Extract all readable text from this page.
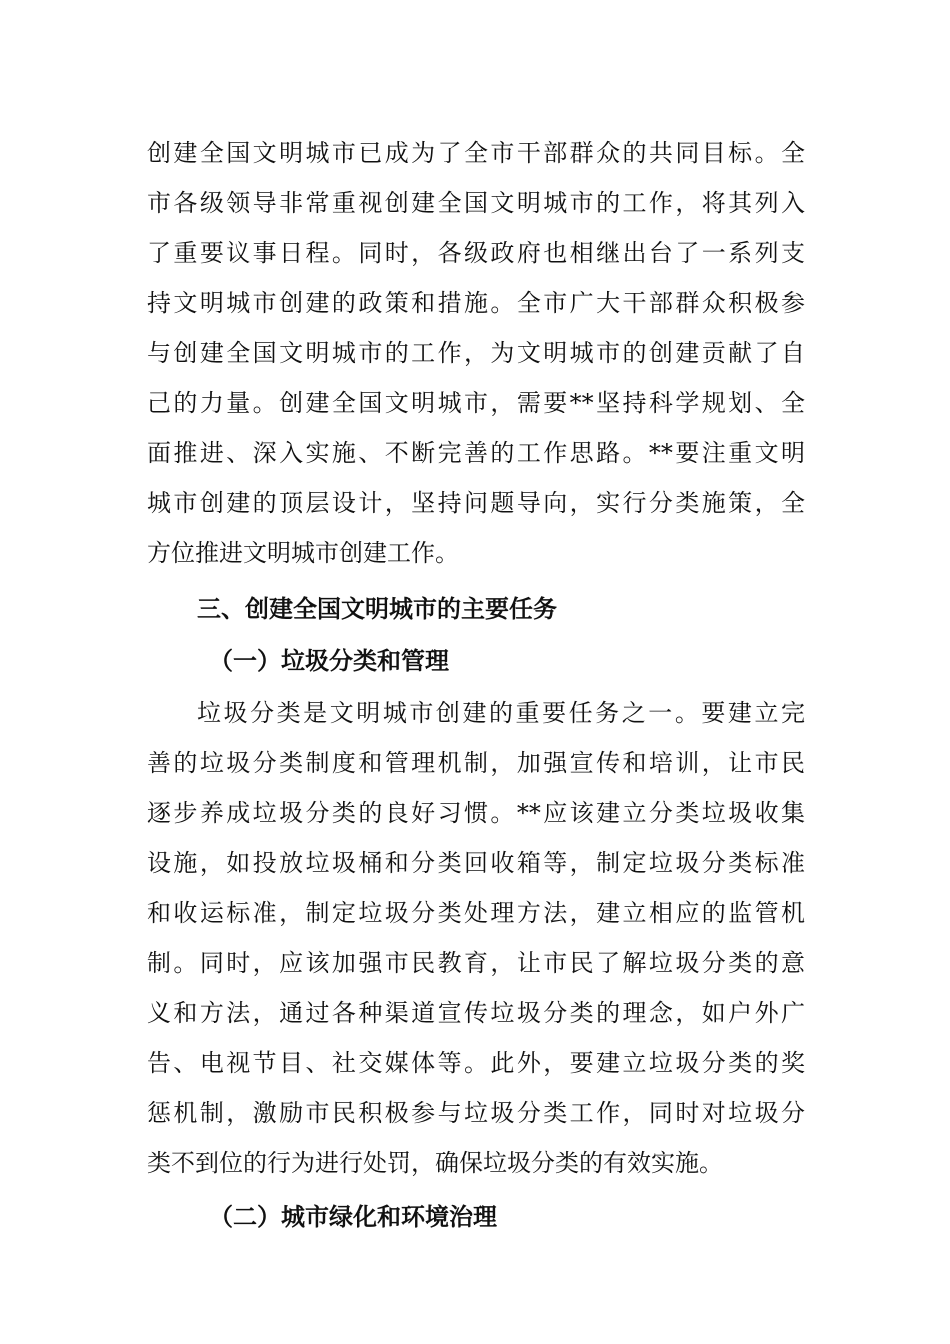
创建全国文明城市已成为了全市干部群众的共同目标。全
市各级领导非常重视创建全国文明城市的工作，将其列入
了重要议事日程。同时，各级政府也相继出台了一系列支
持文明城市创建的政策和措施。全市广大干部群众积极参
与创建全国文明城市的工作，为文明城市的创建贡献了自
己的力量。创建全国文明城市，需要**坚持科学规划、全
面推进、深入实施、不断完善的工作思路。**要注重文明
城市创建的顶层设计，坚持问题导向，实行分类施策，全
方位推进文明城市创建工作。
三、创建全国文明城市的主要任务
（一）垃圾分类和管理
垃圾分类是文明城市创建的重要任务之一。要建立完
善的垃圾分类制度和管理机制，加强宣传和培训，让市民
逐步养成垃圾分类的良好习惯。**应该建立分类垃圾收集
设施，如投放垃圾桶和分类回收箱等，制定垃圾分类标准
和收运标准，制定垃圾分类处理方法，建立相应的监管机
制。同时，应该加强市民教育，让市民了解垃圾分类的意
义和方法，通过各种渠道宣传垃圾分类的理念，如户外广
告、电视节目、社交媒体等。此外，要建立垃圾分类的奖
惩机制，激励市民积极参与垃圾分类工作，同时对垃圾分
类不到位的行为进行处罚，确保垃圾分类的有效实施。
（二）城市绿化和环境治理
